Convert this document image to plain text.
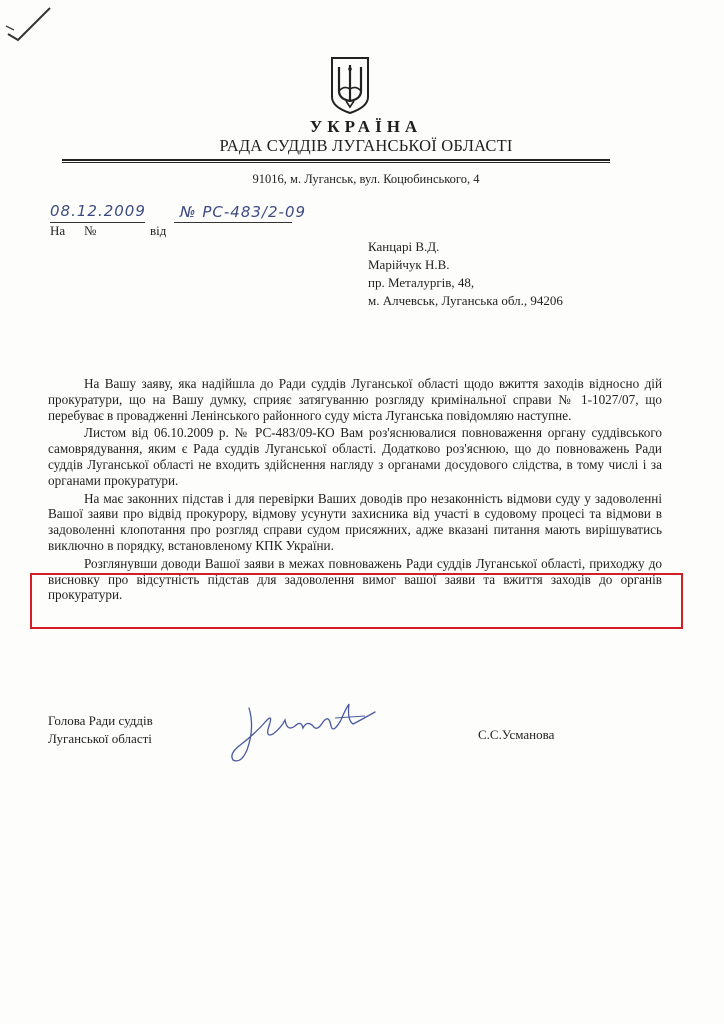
УКРАЇНА
РАДА СУДДІВ ЛУГАНСЬКОЇ ОБЛАСТІ
91016, м. Луганськ, вул. Коцюбинського, 4
08.12.2009 № РС-483/2-09
На №	від
Канцарі В.Д.
Марійчук Н.В.
пр. Металургів, 48,
м. Алчевськ, Луганська обл., 94206

На Вашу заяву, яка надійшла до Ради суддів Луганської області щодо вжиття заходів відносно дій прокуратури, що на Вашу думку, сприяє затягуванню розгляду кримінальної справи № 1-1027/07, що перебуває в провадженні Ленінського районного суду міста Луганська повідомляю наступне.

Листом від 06.10.2009 р. № РС-483/09-КО Вам роз'яснювалися повноваження органу суддівського самоврядування, яким є Рада суддів Луганської області. Додатково роз'яснюю, що до повноважень Ради суддів Луганської області не входить здійснення нагляду з органами досудового слідства, в тому числі і за органами прокуратури.

На має законних підстав і для перевірки Ваших доводів про незаконність відмови суду у задоволенні Вашої заяви про відвід прокурору, відмову усунути захисника від участі в судовому процесі та відмови в задоволенні клопотання про розгляд справи судом присяжних, адже вказані питання мають вирішуватись виключно в порядку, встановленому КПК України.

Розглянувши доводи Вашої заяви в межах повноважень Ради суддів Луганської області, приходжу до висновку про відсутність підстав для задоволення вимог вашої заяви та вжиття заходів до органів прокуратури.

Голова Ради суддів
Луганської області	С.С.Усманова
